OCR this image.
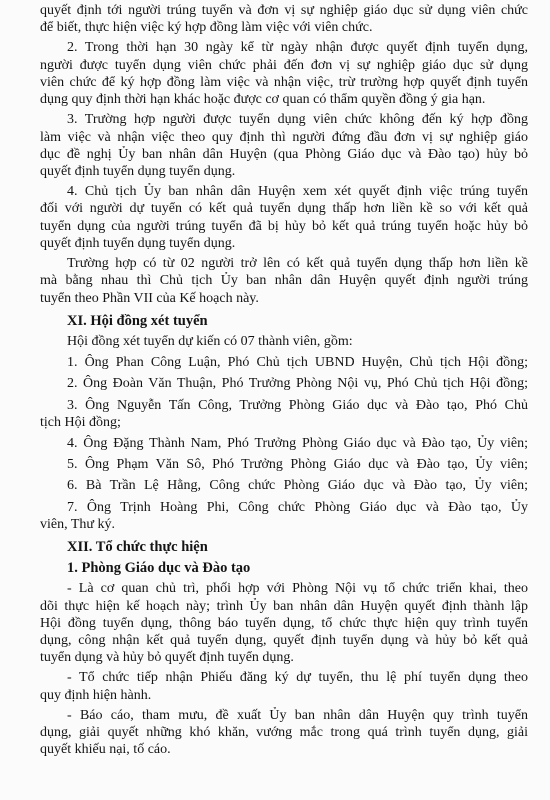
quyết định tới người trúng tuyển và đơn vị sự nghiệp giáo dục sử dụng viên chức

để biết, thực hiện việc ký hợp đồng làm việc với viên chức.

2. Trong thời hạn 30 ngày kể từ ngày nhận được quyết định tuyển dụng,

người được tuyển dụng viên chức phải đến đơn vị sự nghiệp giáo dục sử dụng

viên chức để ký hợp đồng làm việc và nhận việc, trừ trường hợp quyết định tuyển

dụng quy định thời hạn khác hoặc được cơ quan có thẩm quyền đồng ý gia hạn.

3. Trường hợp người được tuyển dụng viên chức không đến ký hợp đồng

làm việc và nhận việc theo quy định thì người đứng đầu đơn vị sự nghiệp giáo

dục đề nghị Ủy ban nhân dân Huyện (qua Phòng Giáo dục và Đào tạo) hủy bỏ

quyết định tuyển dụng tuyển dụng.

4. Chủ tịch Ủy ban nhân dân Huyện xem xét quyết định việc trúng tuyển

đối với người dự tuyển có kết quả tuyển dụng thấp hơn liền kề so với kết quả

tuyển dụng của người trúng tuyển đã bị hủy bỏ kết quả trúng tuyển hoặc hủy bỏ

quyết định tuyển dụng tuyển dụng.

Trường hợp có từ 02 người trở lên có kết quả tuyển dụng thấp hơn liền kề

mà bằng nhau thì Chủ tịch Ủy ban nhân dân Huyện quyết định người trúng

tuyển theo Phần VII của Kế hoạch này.

XI. Hội đồng xét tuyển

Hội đồng xét tuyển dự kiến có 07 thành viên, gồm:

1. Ông Phan Công Luận, Phó Chủ tịch UBND Huyện, Chủ tịch Hội đồng;

2. Ông Đoàn Văn Thuận, Phó Trưởng Phòng Nội vụ, Phó Chủ tịch Hội đồng;

3. Ông Nguyễn Tấn Công, Trưởng Phòng Giáo dục và Đào tạo, Phó Chủ

tịch Hội đồng;

4. Ông Đặng Thành Nam, Phó Trưởng Phòng Giáo dục và Đào tạo, Ủy viên;

5. Ông Phạm Văn Sô, Phó Trưởng Phòng Giáo dục và Đào tạo, Ủy viên;

6. Bà Trần Lệ Hằng, Công chức Phòng Giáo dục và Đào tạo, Ủy viên;

7. Ông Trịnh Hoàng Phi, Công chức Phòng Giáo dục và Đào tạo, Ủy

viên, Thư ký.

XII. Tổ chức thực hiện

1. Phòng Giáo dục và Đào tạo

- Là cơ quan chủ trì, phối hợp với Phòng Nội vụ tổ chức triển khai, theo

dõi thực hiện kế hoạch này; trình Ủy ban nhân dân Huyện quyết định thành lập

Hội đồng tuyển dụng, thông báo tuyển dụng, tổ chức thực hiện quy trình tuyển

dụng, công nhận kết quả tuyển dụng, quyết định tuyển dụng và hủy bỏ kết quả

tuyển dụng và hủy bỏ quyết định tuyển dụng.

- Tổ chức tiếp nhận Phiếu đăng ký dự tuyển, thu lệ phí tuyển dụng theo

quy định hiện hành.

- Báo cáo, tham mưu, đề xuất Ủy ban nhân dân Huyện quy trình tuyển

dụng, giải quyết những khó khăn, vướng mắc trong quá trình tuyển dụng, giải

quyết khiếu nại, tố cáo.
